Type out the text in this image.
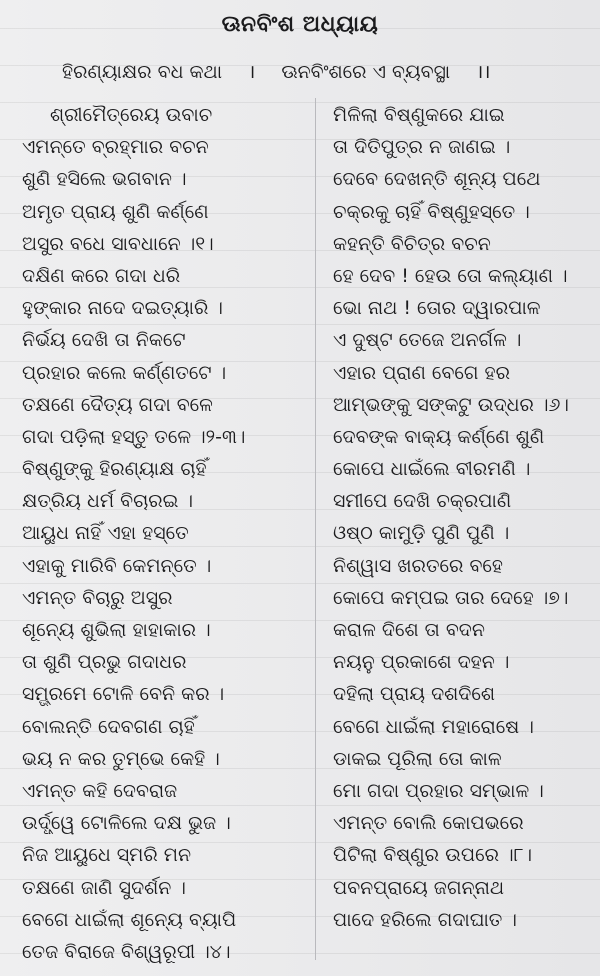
ଊନବିଂଶ ଅଧ୍ୟାୟ
ହିରଣ୍ୟାକ୍ଷର ବଧ କଥା । ଊନବିଂଶରେ ଏ ବ୍ୟବସ୍ଥା ।।
ଶ୍ରୀମୈତ୍ରେୟ ଉବାଚ
ଏମନ୍ତେ ବ୍ରହ୍ମାର ବଚନ
ଶୁଣି ହସିଲେ ଭଗବାନ ।
ଅମୃତ ପ୍ରାୟ ଶୁଣି କର୍ଣ୍ଣେ
ଅସୁର ବଧେ ସାବଧାନେ ।୧।
ଦକ୍ଷିଣ କରେ ଗଦା ଧରି
ହୁଙ୍କାର ନାଦେ ଦଇତ୍ୟାରି ।
ନିର୍ଭୟ ଦେଖି ତା ନିକଟେ
ପ୍ରହାର କଲେ କର୍ଣ୍ଣତଟେ ।
ତକ୍ଷଣେ ଦୈତ୍ୟ ଗଦା ବଳେ
ଗଦା ପଡ଼ିଲା ହସ୍ତୁ ତଳେ ।୨-୩।
ବିଷ୍ଣୁଙ୍କୁ ହିରଣ୍ୟାକ୍ଷ ଚାହିଁ
କ୍ଷତ୍ରିୟ ଧର୍ମ ବିଚାରଇ ।
ଆୟୁଧ ନାହିଁ ଏହା ହସ୍ତେ
ଏହାକୁ ମାରିବି କେମନ୍ତେ ।
ଏମନ୍ତ ବିଚାରୁ ଅସୁର
ଶୂନ୍ୟେ ଶୁଭିଲା ହାହାକାର ।
ତା ଶୁଣି ପ୍ରଭୁ ଗଦାଧର
ସମ୍ଭ୍ରମେ ଟୋଳି ବେନି କର ।
ବୋଲନ୍ତି ଦେବଗଣ ଚାହିଁ
ଭୟ ନ କର ତୁମ୍ଭେ କେହି ।
ଏମନ୍ତ କହି ଦେବରାଜ
ଉର୍ଦ୍ଧ୍ୱେ ଟୋଳିଲେ ଦକ୍ଷ ଭୁଜ ।
ନିଜ ଆୟୁଧେ ସ୍ମରି ମନ
ତକ୍ଷଣେ ଜାଣି ସୁଦର୍ଶନ ।
ବେଗେ ଧାଇଁଲା ଶୂନ୍ୟେ ବ୍ୟାପି
ତେଜ ବିରାଜେ ବିଶ୍ୱରୂପୀ ।୪।
ମିଳିଲା ବିଷ୍ଣୁକରେ ଯାଇ
ତା ଦିତିପୁତ୍ର ନ ଜାଣଇ ।
ଦେବେ ଦେଖନ୍ତି ଶୂନ୍ୟ ପଥେ
ଚକ୍ରକୁ ଚାହିଁ ବିଷ୍ଣୁହସ୍ତେ ।
କହନ୍ତି ବିଚିତ୍ର ବଚନ
ହେ ଦେବ ! ହେଉ ତୋ କଲ୍ୟାଣ ।
ଭୋ ନାଥ ! ତୋର ଦ୍ୱାରପାଳ
ଏ ଦୁଷ୍ଟ ତେଜେ ଅନର୍ଗଳ ।
ଏହାର ପ୍ରାଣ ବେଗେ ହର
ଆମ୍ଭଙ୍କୁ ସଙ୍କଟୁ ଉଦ୍ଧର ।୬।
ଦେବଙ୍କ ବାକ୍ୟ କର୍ଣ୍ଣେ ଶୁଣି
କୋପେ ଧାଇଁଲେ ବୀରମଣି ।
ସମୀପେ ଦେଖି ଚକ୍ରପାଣି
ଓଷ୍ଠ କାମୁଡ଼ି ପୁଣି ପୁଣି ।
ନିଶ୍ୱାସ ଖରତରେ ବହେ
କୋପେ କମ୍ପଇ ତାର ଦେହେ ।୭।
କରାଳ ଦିଶେ ତା ବଦନ
ନୟନୁ ପ୍ରକାଶେ ଦହନ ।
ଦହିଲା ପ୍ରାୟ ଦଶଦିଶେ
ବେଗେ ଧାଇଁଲା ମହାରୋଷେ ।
ଡାକଇ ପୂରିଲା ତୋ କାଳ
ମୋ ଗଦା ପ୍ରହାର ସମ୍ଭାଳ ।
ଏମନ୍ତ ବୋଲି କୋପଭରେ
ପିଟିଲା ବିଷ୍ଣୁର ଉପରେ ।୮।
ପବନପ୍ରାୟେ ଜଗନ୍ନାଥ
ପାଦେ ହରିଲେ ଗଦାଘାତ ।
